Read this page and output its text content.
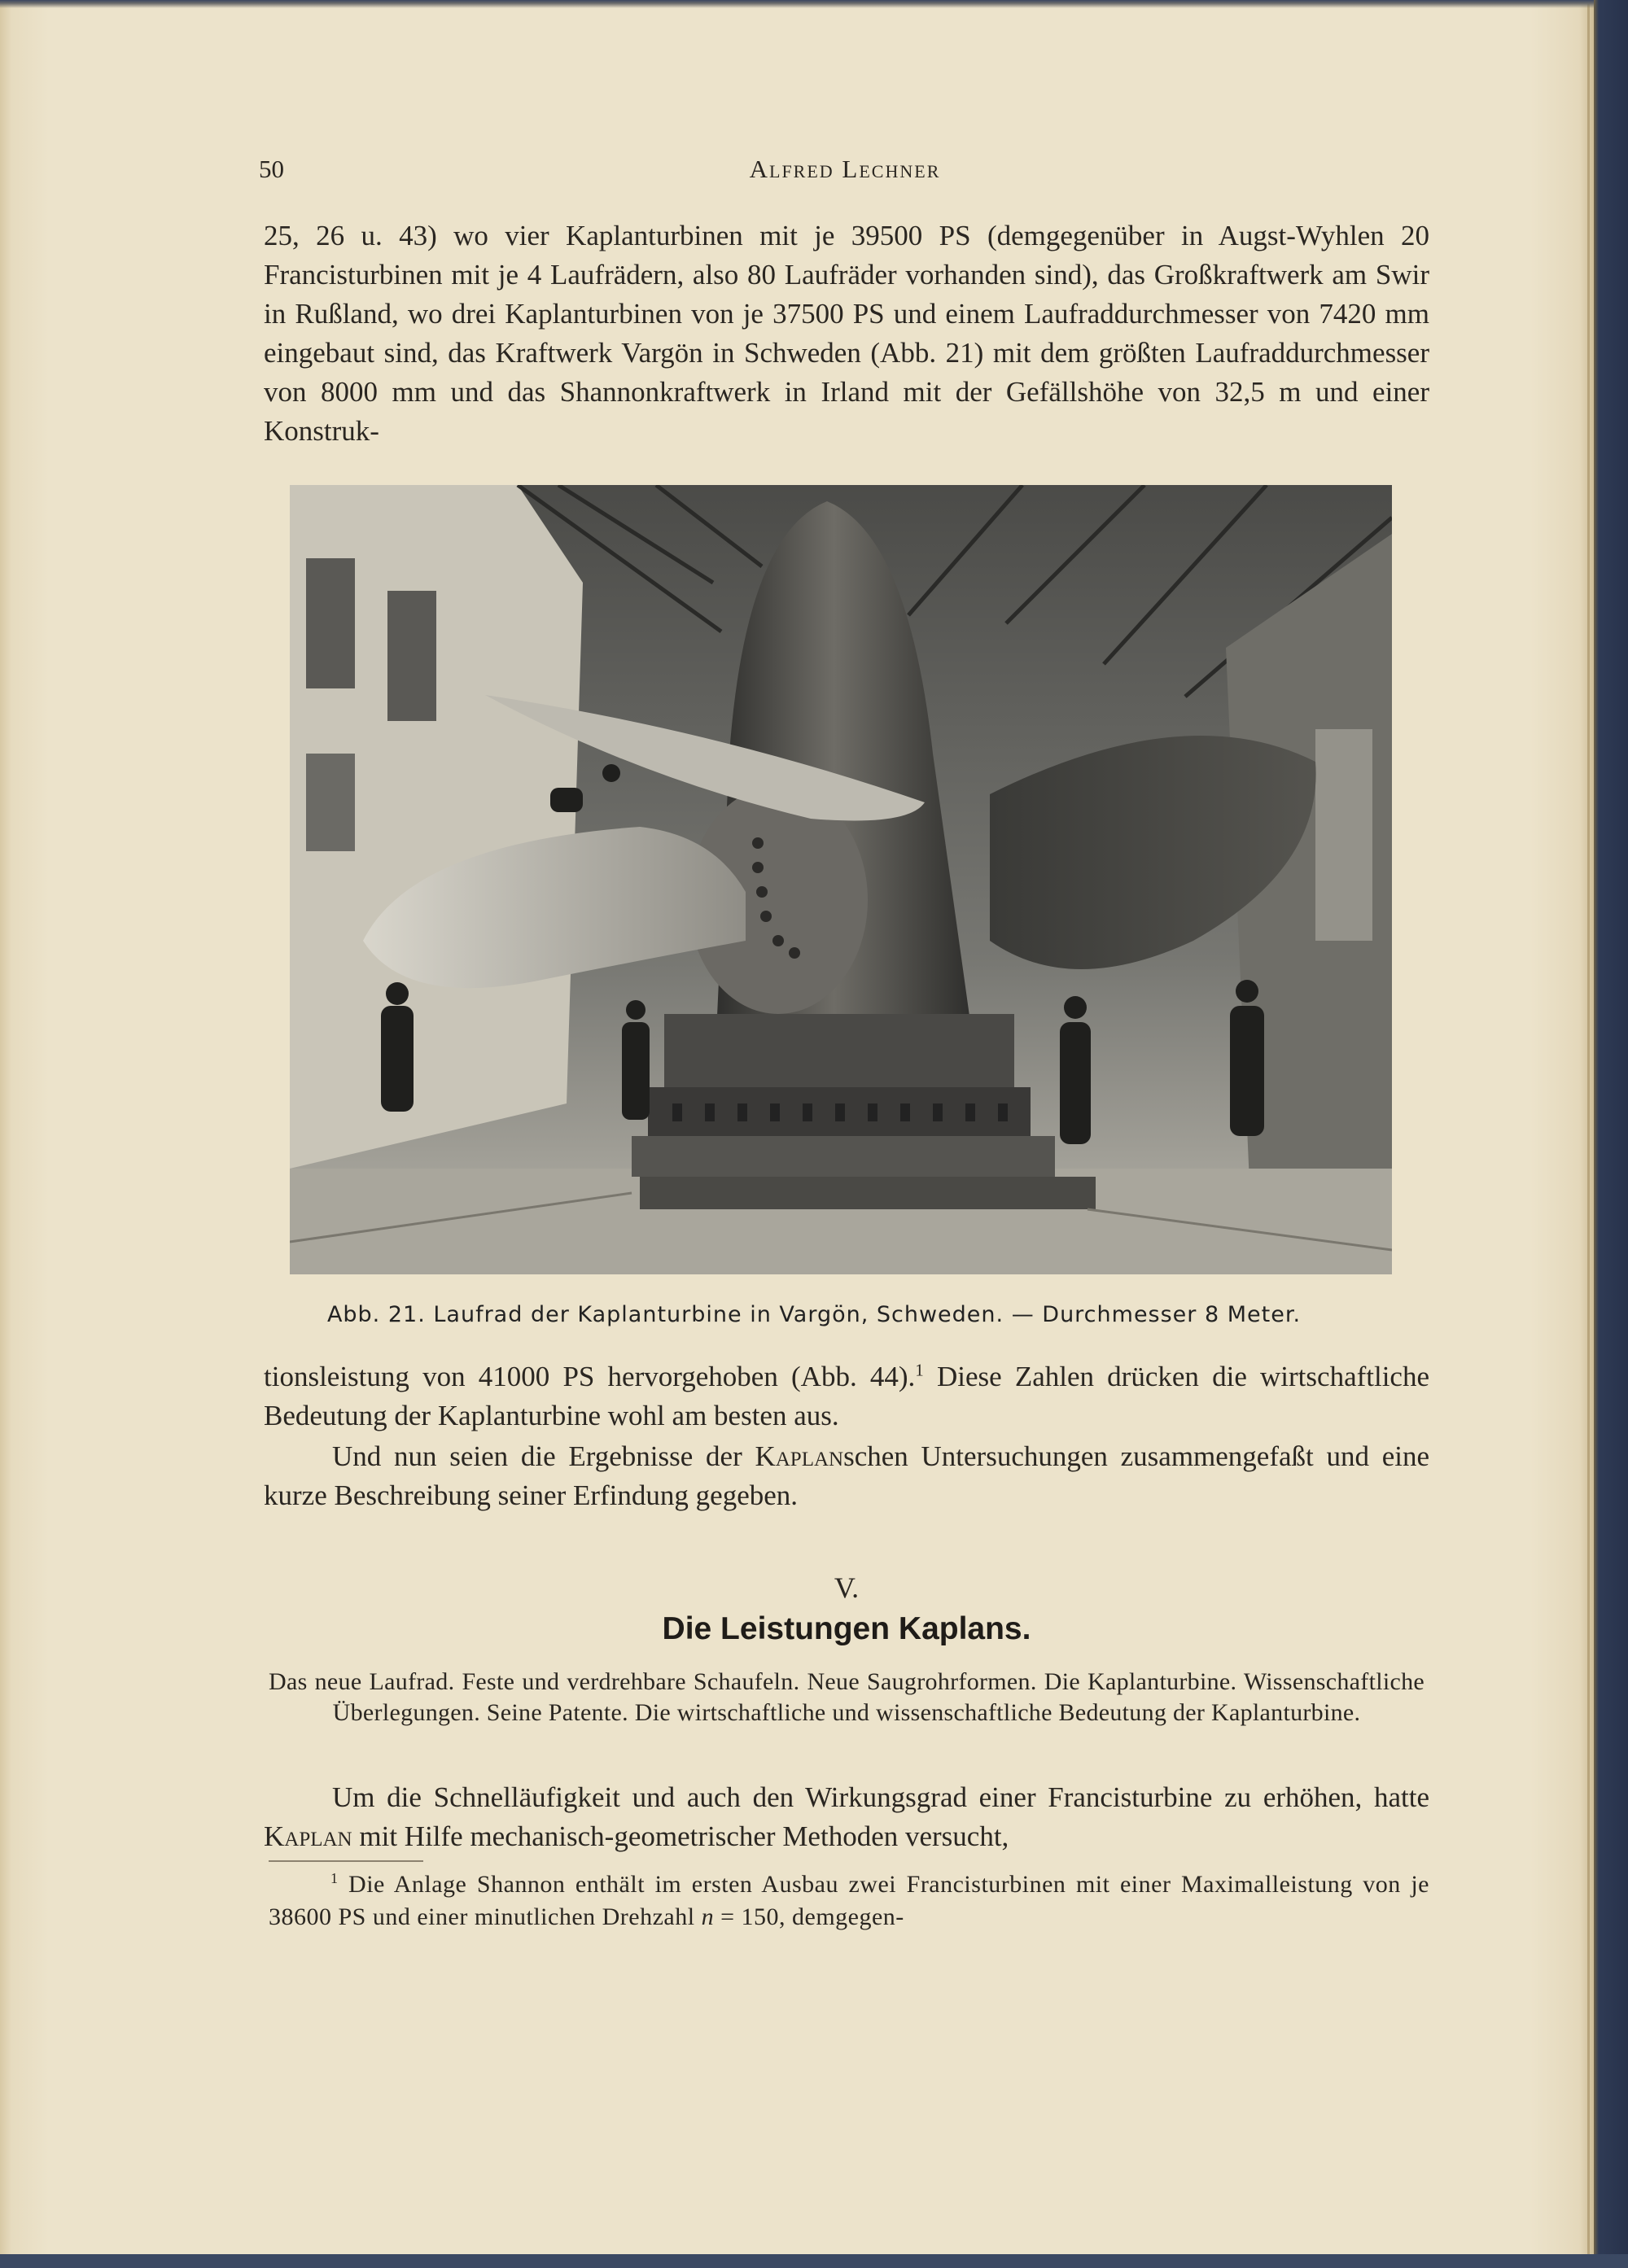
50	Alfred Lechner

25, 26 u. 43) wo vier Kaplanturbinen mit je 39500 PS (demgegenüber in Augst-Wyhlen 20 Francisturbinen mit je 4 Laufrädern, also 80 Laufräder vorhanden sind), das Großkraftwerk am Swir in Rußland, wo drei Kaplanturbinen von je 37500 PS und einem Laufraddurchmesser von 7420 mm eingebaut sind, das Kraftwerk Vargön in Schweden (Abb. 21) mit dem größten Laufraddurchmesser von 8000 mm und das Shannonkraftwerk in Irland mit der Gefällshöhe von 32,5 m und einer Konstruk-

Abb. 21. Laufrad der Kaplanturbine in Vargön, Schweden. — Durchmesser 8 Meter.

tionsleistung von 41000 PS hervorgehoben (Abb. 44).$^1$ Diese Zahlen drücken die wirtschaftliche Bedeutung der Kaplanturbine wohl am besten aus.

Und nun seien die Ergebnisse der Kaplanschen Untersuchungen zusammengefaßt und eine kurze Beschreibung seiner Erfindung gegeben.

V.
Die Leistungen Kaplans.

Das neue Laufrad. Feste und verdrehbare Schaufeln. Neue Saugrohrformen. Die Kaplanturbine. Wissenschaftliche Überlegungen. Seine Patente. Die wirtschaftliche und wissenschaftliche Bedeutung der Kaplanturbine.

Um die Schnelläufigkeit und auch den Wirkungsgrad einer Francisturbine zu erhöhen, hatte Kaplan mit Hilfe mechanisch-geometrischer Methoden versucht,

$^1$ Die Anlage Shannon enthält im ersten Ausbau zwei Francisturbinen mit einer Maximalleistung von je 38600 PS und einer minutlichen Drehzahl n = 150, demgegen-
